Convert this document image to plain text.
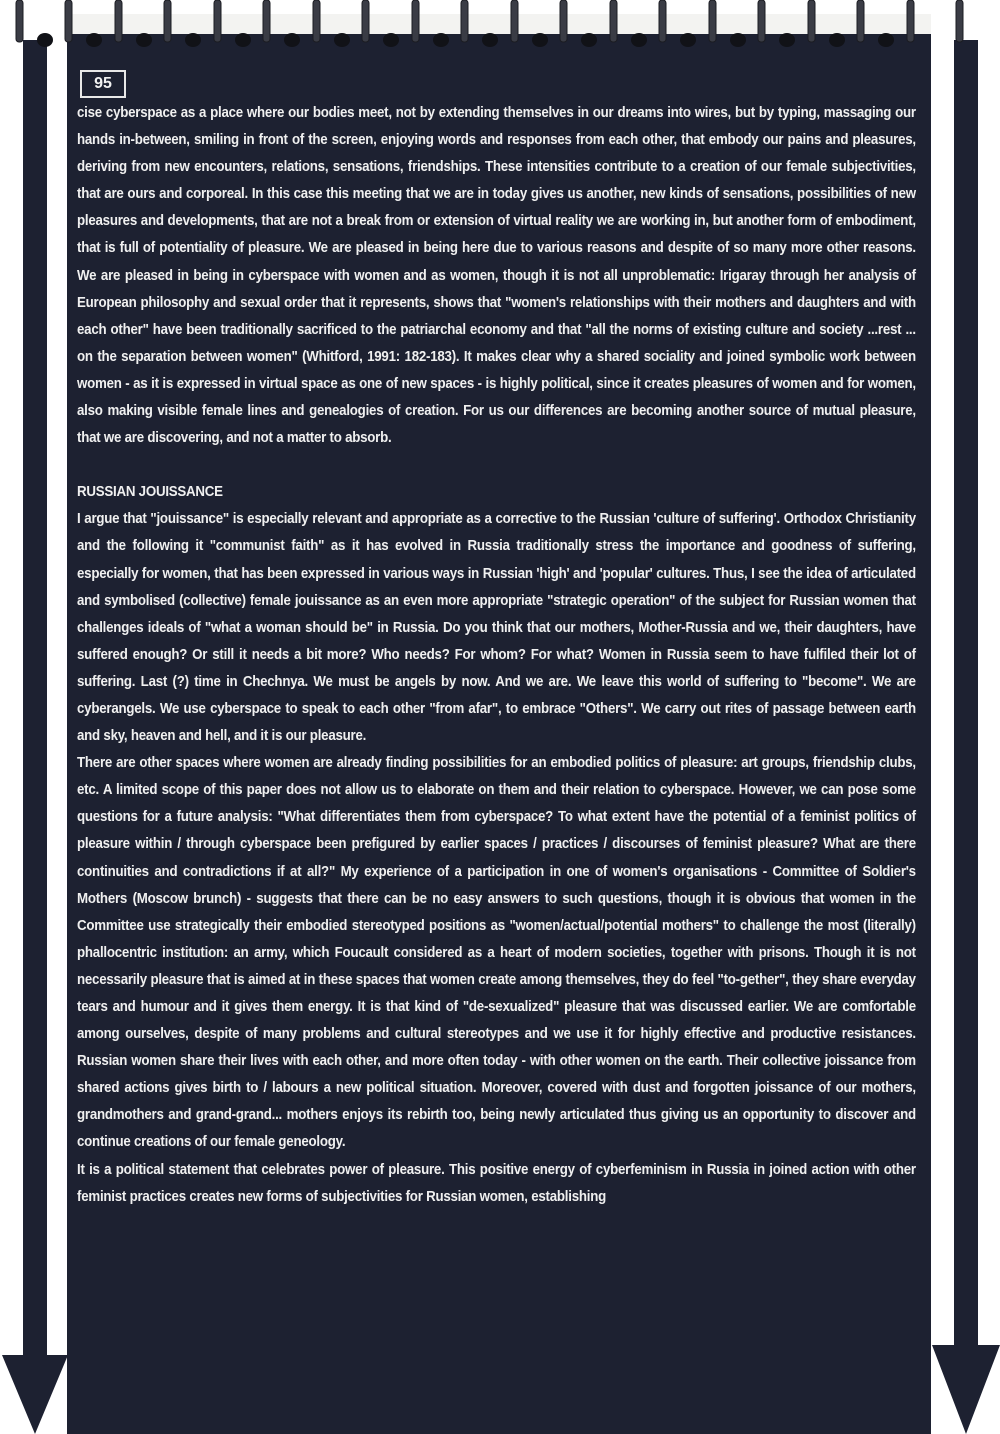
95

cise cyberspace as a place where our bodies meet, not by extending themselves in our dreams into wires, but by typing, massaging our hands in-between, smiling in front of the screen, enjoying words and responses from each other, that embody our pains and pleasures, deriving from new encounters, relations, sensations, friendships. These intensities contribute to a creation of our female subjectivities, that are ours and corporeal. In this case this meeting that we are in today gives us another, new kinds of sensations, possibilities of new pleasures and developments, that are not a break from or extension of virtual reality we are working in, but another form of embodiment, that is full of potentiality of pleasure. We are pleased in being here due to various reasons and despite of so many more other reasons. We are pleased in being in cyberspace with women and as women, though it is not all unproblematic: Irigaray through her analysis of European philosophy and sexual order that it represents, shows that "women's relationships with their mothers and daughters and with each other" have been traditionally sacrificed to the patriarchal economy and that "all the norms of existing culture and society ...rest ... on the separation between women" (Whitford, 1991: 182-183). It makes clear why a shared sociality and joined symbolic work between women - as it is expressed in virtual space as one of new spaces - is highly political, since it creates pleasures of women and for women, also making visible female lines and genealogies of creation. For us our differences are becoming another source of mutual pleasure, that we are discovering, and not a matter to absorb.

RUSSIAN JOUISSANCE

I argue that "jouissance" is especially relevant and appropriate as a corrective to the Russian 'culture of suffering'. Orthodox Christianity and the following it "communist faith" as it has evolved in Russia traditionally stress the importance and goodness of suffering, especially for women, that has been expressed in various ways in Russian 'high' and 'popular' cultures. Thus, I see the idea of articulated and symbolised (collective) female jouissance as an even more appropriate "strategic operation" of the subject for Russian women that challenges ideals of "what a woman should be" in Russia. Do you think that our mothers, Mother-Russia and we, their daughters, have suffered enough? Or still it needs a bit more? Who needs? For whom? For what? Women in Russia seem to have fulfiled their lot of suffering. Last (?) time in Chechnya. We must be angels by now. And we are. We leave this world of suffering to "become". We are cyberangels. We use cyberspace to speak to each other "from afar", to embrace "Others". We carry out rites of passage between earth and sky, heaven and hell, and it is our pleasure.

There are other spaces where women are already finding possibilities for an embodied politics of pleasure: art groups, friendship clubs, etc. A limited scope of this paper does not allow us to elaborate on them and their relation to cyberspace. However, we can pose some questions for a future analysis: "What differentiates them from cyberspace? To what extent have the potential of a feminist politics of pleasure within / through cyberspace been prefigured by earlier spaces / practices / discourses of feminist pleasure? What are there continuities and contradictions if at all?" My experience of a participation in one of women's organisations - Committee of Soldier's Mothers (Moscow brunch) - suggests that there can be no easy answers to such questions, though it is obvious that women in the Committee use strategically their embodied stereotyped positions as "women/actual/potential mothers" to challenge the most (literally) phallocentric institution: an army, which Foucault considered as a heart of modern societies, together with prisons. Though it is not necessarily pleasure that is aimed at in these spaces that women create among themselves, they do feel "to-gether", they share everyday tears and humour and it gives them energy. It is that kind of "de-sexualized" pleasure that was discussed earlier. We are comfortable among ourselves, despite of many problems and cultural stereotypes and we use it for highly effective and productive resistances. Russian women share their lives with each other, and more often today - with other women on the earth. Their collective joissance from shared actions gives birth to / labours a new political situation. Moreover, covered with dust and forgotten joissance of our mothers, grandmothers and grand-grand... mothers enjoys its rebirth too, being newly articulated thus giving us an opportunity to discover and continue creations of our female geneology.

It is a political statement that celebrates power of pleasure. This positive energy of cyberfeminism in Russia in joined action with other feminist practices creates new forms of subjectivities for Russian women, establishing
